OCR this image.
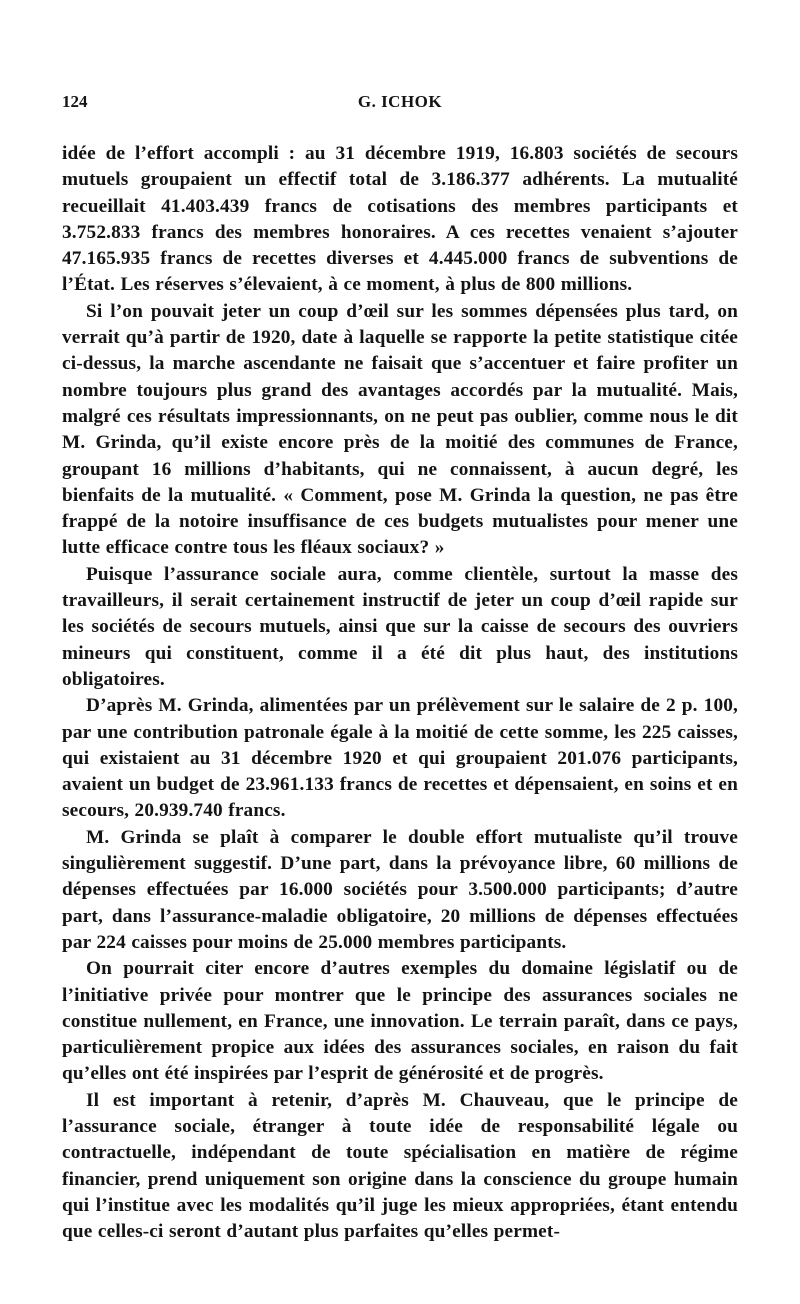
124	G. ICHOK

idée de l’effort accompli : au 31 décembre 1919, 16.803 sociétés de secours mutuels groupaient un effectif total de 3.186.377 adhérents. La mutualité recueillait 41.403.439 francs de cotisations des membres participants et 3.752.833 francs des membres honoraires. A ces recettes venaient s’ajouter 47.165.935 francs de recettes diverses et 4.445.000 francs de subventions de l’État. Les réserves s’élevaient, à ce moment, à plus de 800 millions.

Si l’on pouvait jeter un coup d’œil sur les sommes dépensées plus tard, on verrait qu’à partir de 1920, date à laquelle se rapporte la petite statistique citée ci-dessus, la marche ascendante ne faisait que s’accentuer et faire profiter un nombre toujours plus grand des avantages accordés par la mutualité. Mais, malgré ces résultats impressionnants, on ne peut pas oublier, comme nous le dit M. Grinda, qu’il existe encore près de la moitié des communes de France, groupant 16 millions d’habitants, qui ne connaissent, à aucun degré, les bienfaits de la mutualité. « Comment, pose M. Grinda la question, ne pas être frappé de la notoire insuffisance de ces budgets mutualistes pour mener une lutte efficace contre tous les fléaux sociaux? »

Puisque l’assurance sociale aura, comme clientèle, surtout la masse des travailleurs, il serait certainement instructif de jeter un coup d’œil rapide sur les sociétés de secours mutuels, ainsi que sur la caisse de secours des ouvriers mineurs qui constituent, comme il a été dit plus haut, des institutions obligatoires.

D’après M. Grinda, alimentées par un prélèvement sur le salaire de 2 p. 100, par une contribution patronale égale à la moitié de cette somme, les 225 caisses, qui existaient au 31 décembre 1920 et qui groupaient 201.076 participants, avaient un budget de 23.961.133 francs de recettes et dépensaient, en soins et en secours, 20.939.740 francs.

M. Grinda se plaît à comparer le double effort mutualiste qu’il trouve singulièrement suggestif. D’une part, dans la prévoyance libre, 60 millions de dépenses effectuées par 16.000 sociétés pour 3.500.000 participants; d’autre part, dans l’assurance-maladie obligatoire, 20 millions de dépenses effectuées par 224 caisses pour moins de 25.000 membres participants.

On pourrait citer encore d’autres exemples du domaine législatif ou de l’initiative privée pour montrer que le principe des assurances sociales ne constitue nullement, en France, une innovation. Le terrain paraît, dans ce pays, particulièrement propice aux idées des assurances sociales, en raison du fait qu’elles ont été inspirées par l’esprit de générosité et de progrès.

Il est important à retenir, d’après M. Chauveau, que le principe de l’assurance sociale, étranger à toute idée de responsabilité légale ou contractuelle, indépendant de toute spécialisation en matière de régime financier, prend uniquement son origine dans la conscience du groupe humain qui l’institue avec les modalités qu’il juge les mieux appropriées, étant entendu que celles-ci seront d’autant plus parfaites qu’elles permet-
